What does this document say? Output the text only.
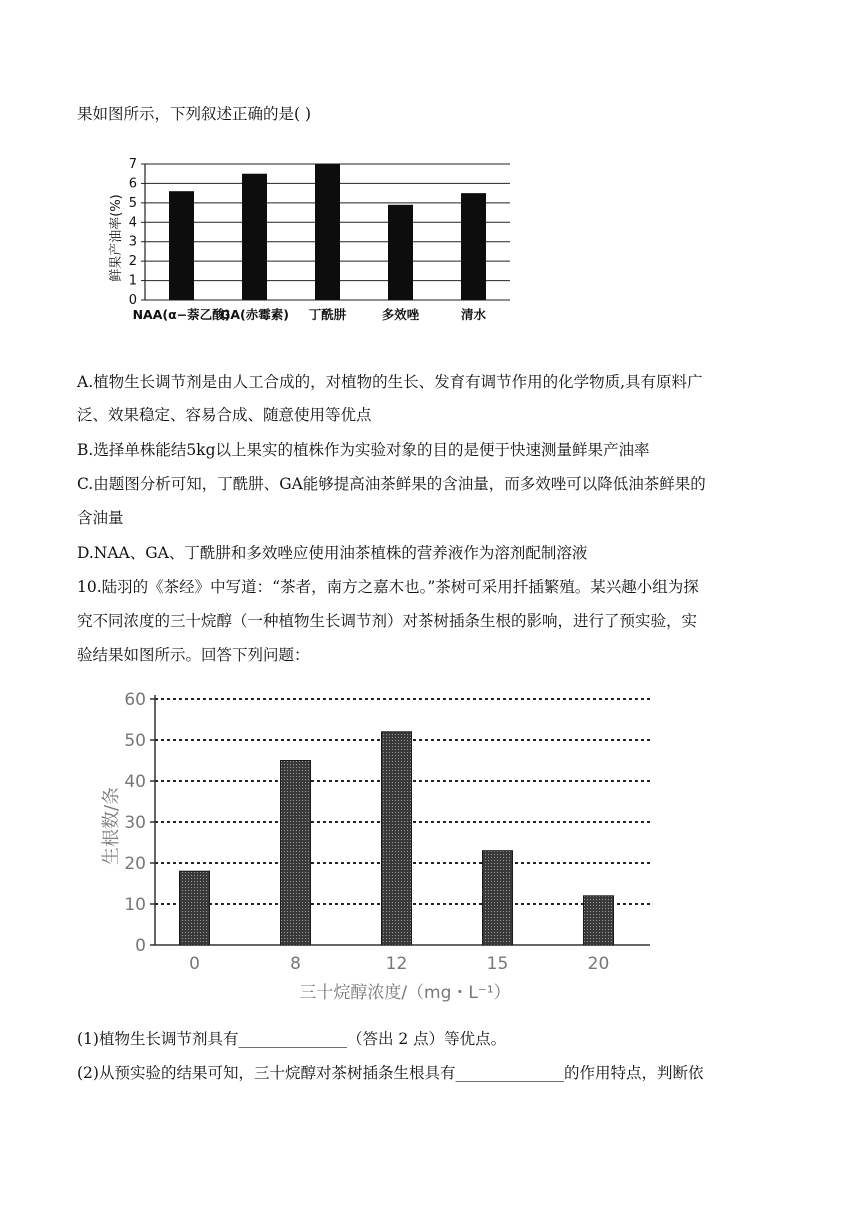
果如图所示，下列叙述正确的是( )
鲜果产油率(%)
0
1
2
3
4
5
6
7
NAA(α−萘乙酸)
GA(赤霉素) 丁酰肼	多效唑	清水
A.植物生长调节剂是由人工合成的，对植物的生长、发育有调节作用的化学物质,具有原料广
泛、效果稳定、容易合成、随意使用等优点
B.选择单株能结5kg以上果实的植株作为实验对象的目的是便于快速测量鲜果产油率
C.由题图分析可知，丁酰肼、GA能够提高油茶鲜果的含油量，而多效唑可以降低油茶鲜果的
含油量
D.NAA、GA、丁酰肼和多效唑应使用油茶植株的营养液作为溶剂配制溶液
10.陆羽的《茶经》中写道：“茶者，南方之嘉木也。”茶树可采用扦插繁殖。某兴趣小组为探
究不同浓度的三十烷醇（一种植物生长调节剂）对茶树插条生根的影响，进行了预实验，实
验结果如图所示。回答下列问题：
生根数/条
三十烷醇浓度/（mg・L⁻¹）
0
10
20
30
40
50
60
0	8	12	15	20
(1)植物生长调节剂具有______________（答出 2 点）等优点。
(2)从预实验的结果可知，三十烷醇对茶树插条生根具有______________的作用特点，判断依
